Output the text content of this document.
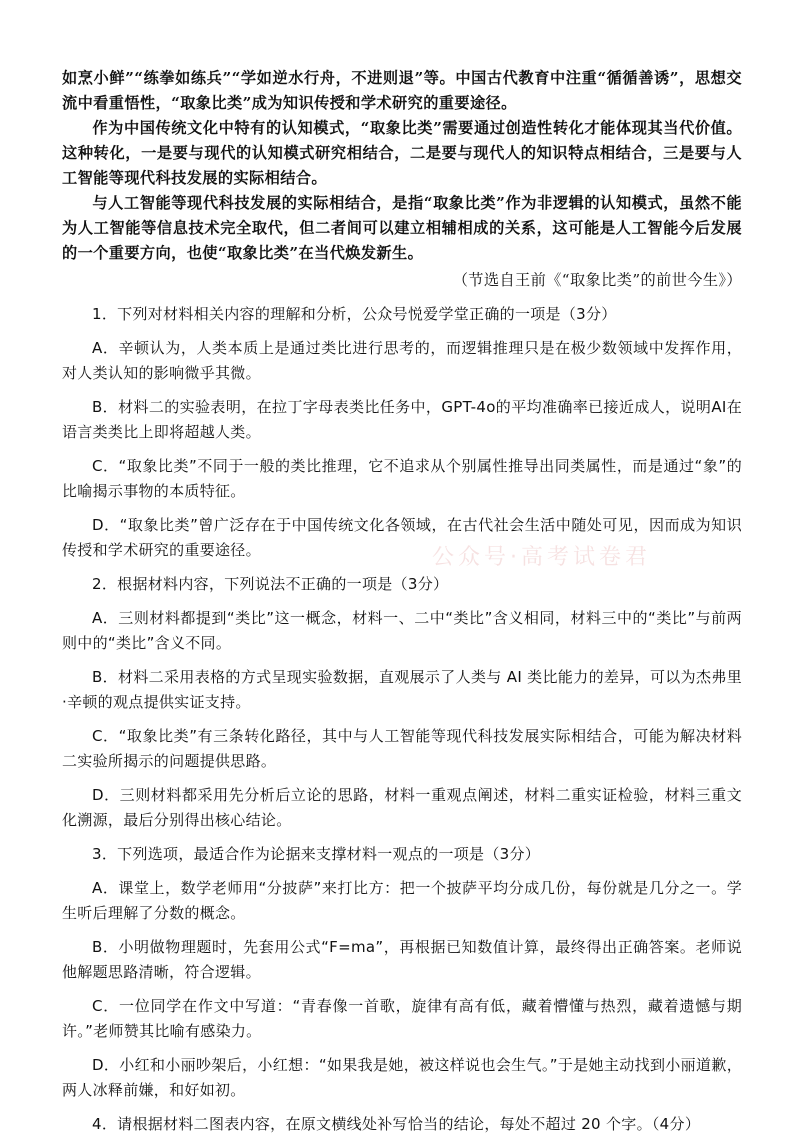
如烹小鲜”“练拳如练兵”“学如逆水行舟，不进则退”等。中国古代教育中注重“循循善诱”，思想交流中看重悟性，“取象比类”成为知识传授和学术研究的重要途径。

作为中国传统文化中特有的认知模式，“取象比类”需要通过创造性转化才能体现其当代价值。这种转化，一是要与现代的认知模式研究相结合，二是要与现代人的知识特点相结合，三是要与人工智能等现代科技发展的实际相结合。

与人工智能等现代科技发展的实际相结合，是指“取象比类”作为非逻辑的认知模式，虽然不能为人工智能等信息技术完全取代，但二者间可以建立相辅相成的关系，这可能是人工智能今后发展的一个重要方向，也使“取象比类”在当代焕发新生。

（节选自王前《“取象比类”的前世今生》）

1．下列对材料相关内容的理解和分析，公众号悦爱学堂正确的一项是（3分）

A．辛顿认为，人类本质上是通过类比进行思考的，而逻辑推理只是在极少数领域中发挥作用，对人类认知的影响微乎其微。

B．材料二的实验表明，在拉丁字母表类比任务中，GPT-4o的平均准确率已接近成人，说明AI在语言类类比上即将超越人类。

C．“取象比类”不同于一般的类比推理，它不追求从个别属性推导出同类属性，而是通过“象”的比喻揭示事物的本质特征。

D．“取象比类”曾广泛存在于中国传统文化各领域，在古代社会生活中随处可见，因而成为知识传授和学术研究的重要途径。

2．根据材料内容，下列说法不正确的一项是（3分）

A．三则材料都提到“类比”这一概念，材料一、二中“类比”含义相同，材料三中的“类比”与前两则中的“类比”含义不同。

B．材料二采用表格的方式呈现实验数据，直观展示了人类与 AI 类比能力的差异，可以为杰弗里·辛顿的观点提供实证支持。

C．“取象比类”有三条转化路径，其中与人工智能等现代科技发展实际相结合，可能为解决材料二实验所揭示的问题提供思路。

D．三则材料都采用先分析后立论的思路，材料一重观点阐述，材料二重实证检验，材料三重文化溯源，最后分别得出核心结论。

3．下列选项，最适合作为论据来支撑材料一观点的一项是（3分）

A．课堂上，数学老师用“分披萨”来打比方：把一个披萨平均分成几份，每份就是几分之一。学生听后理解了分数的概念。

B．小明做物理题时，先套用公式“F=ma”，再根据已知数值计算，最终得出正确答案。老师说他解题思路清晰，符合逻辑。

C．一位同学在作文中写道：“青春像一首歌，旋律有高有低，藏着懵懂与热烈，藏着遗憾与期许。”老师赞其比喻有感染力。

D．小红和小丽吵架后，小红想：“如果我是她，被这样说也会生气。”于是她主动找到小丽道歉，两人冰释前嫌，和好如初。

4．请根据材料二图表内容，在原文横线处补写恰当的结论，每处不超过 20 个字。（4分）

公众号·高考试卷君
